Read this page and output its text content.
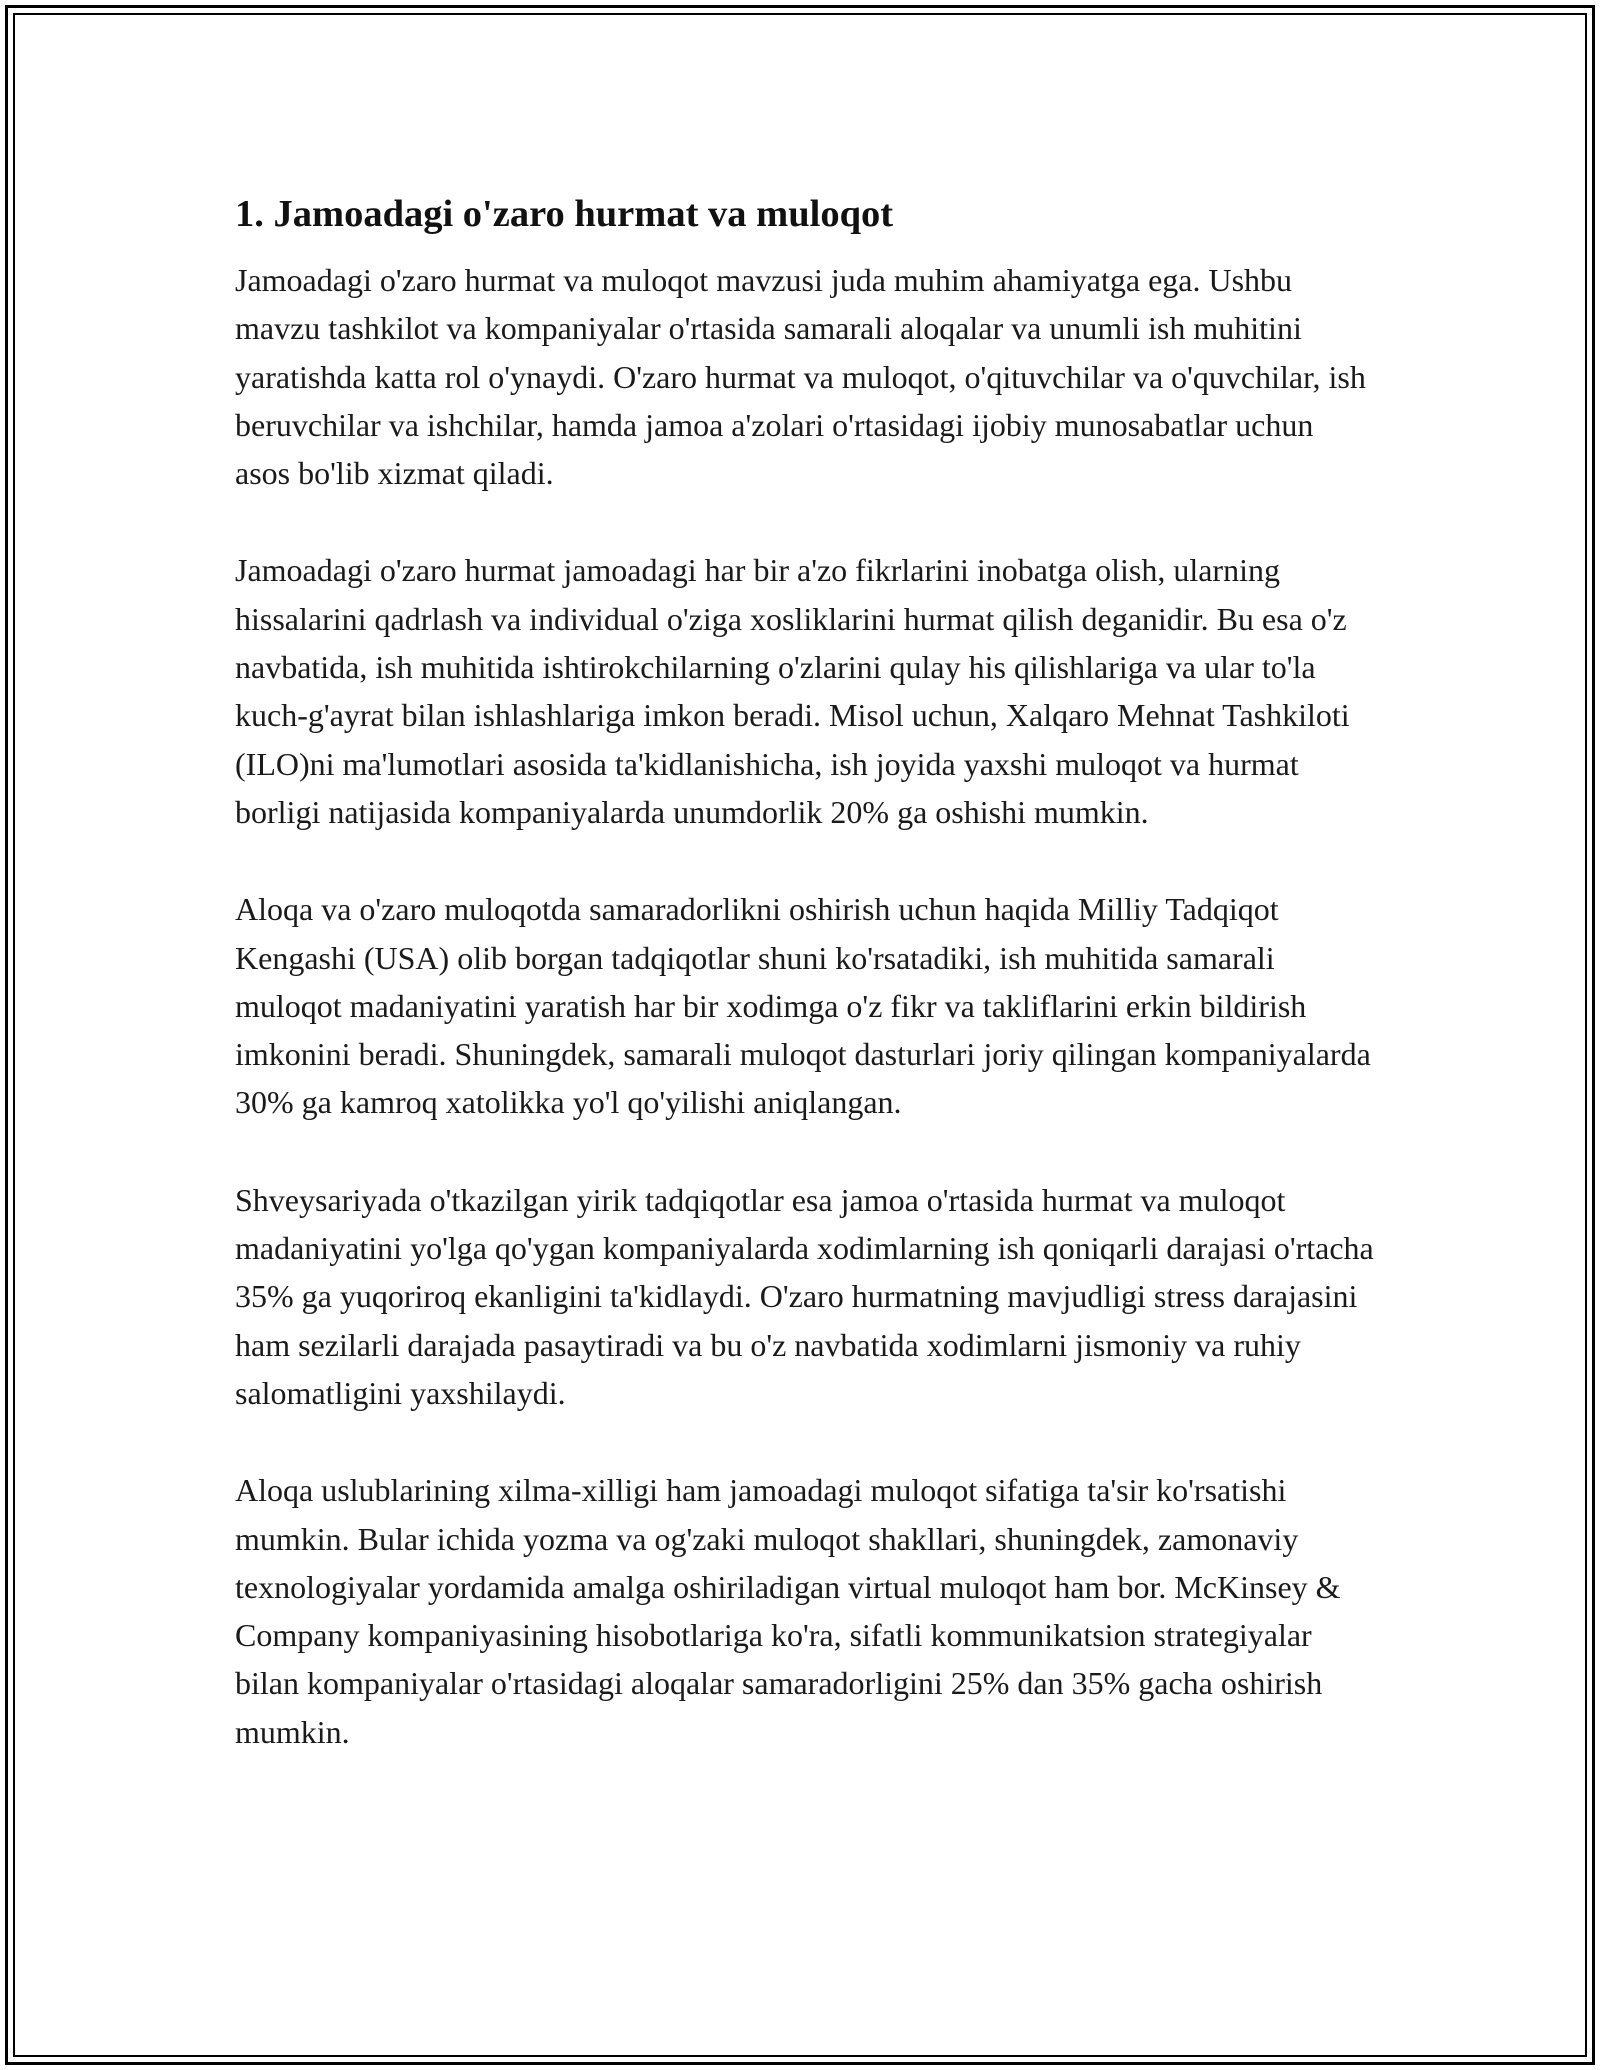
1. Jamoadagi o'zaro hurmat va muloqot

Jamoadagi o'zaro hurmat va muloqot mavzusi juda muhim ahamiyatga ega. Ushbu mavzu tashkilot va kompaniyalar o'rtasida samarali aloqalar va unumli ish muhitini yaratishda katta rol o'ynaydi. O'zaro hurmat va muloqot, o'qituvchilar va o'quvchilar, ish beruvchilar va ishchilar, hamda jamoa a'zolari o'rtasidagi ijobiy munosabatlar uchun asos bo'lib xizmat qiladi.

Jamoadagi o'zaro hurmat jamoadagi har bir a'zo fikrlarini inobatga olish, ularning hissalarini qadrlash va individual o'ziga xosliklarini hurmat qilish deganidir. Bu esa o'z navbatida, ish muhitida ishtirokchilarning o'zlarini qulay his qilishlariga va ular to'la kuch-g'ayrat bilan ishlashlariga imkon beradi. Misol uchun, Xalqaro Mehnat Tashkiloti (ILO)ni ma'lumotlari asosida ta'kidlanishicha, ish joyida yaxshi muloqot va hurmat borligi natijasida kompaniyalarda unumdorlik 20% ga oshishi mumkin.

Aloqa va o'zaro muloqotda samaradorlikni oshirish uchun haqida Milliy Tadqiqot Kengashi (USA) olib borgan tadqiqotlar shuni ko'rsatadiki, ish muhitida samarali muloqot madaniyatini yaratish har bir xodimga o'z fikr va takliflarini erkin bildirish imkonini beradi. Shuningdek, samarali muloqot dasturlari joriy qilingan kompaniyalarda 30% ga kamroq xatolikka yo'l qo'yilishi aniqlangan.

Shveysariyada o'tkazilgan yirik tadqiqotlar esa jamoa o'rtasida hurmat va muloqot madaniyatini yo'lga qo'ygan kompaniyalarda xodimlarning ish qoniqarli darajasi o'rtacha 35% ga yuqoriroq ekanligini ta'kidlaydi. O'zaro hurmatning mavjudligi stress darajasini ham sezilarli darajada pasaytiradi va bu o'z navbatida xodimlarni jismoniy va ruhiy salomatligini yaxshilaydi.

Aloqa uslublarining xilma-xilligi ham jamoadagi muloqot sifatiga ta'sir ko'rsatishi mumkin. Bular ichida yozma va og'zaki muloqot shakllari, shuningdek, zamonaviy texnologiyalar yordamida amalga oshiriladigan virtual muloqot ham bor. McKinsey & Company kompaniyasining hisobotlariga ko'ra, sifatli kommunikatsion strategiyalar bilan kompaniyalar o'rtasidagi aloqalar samaradorligini 25% dan 35% gacha oshirish mumkin.
